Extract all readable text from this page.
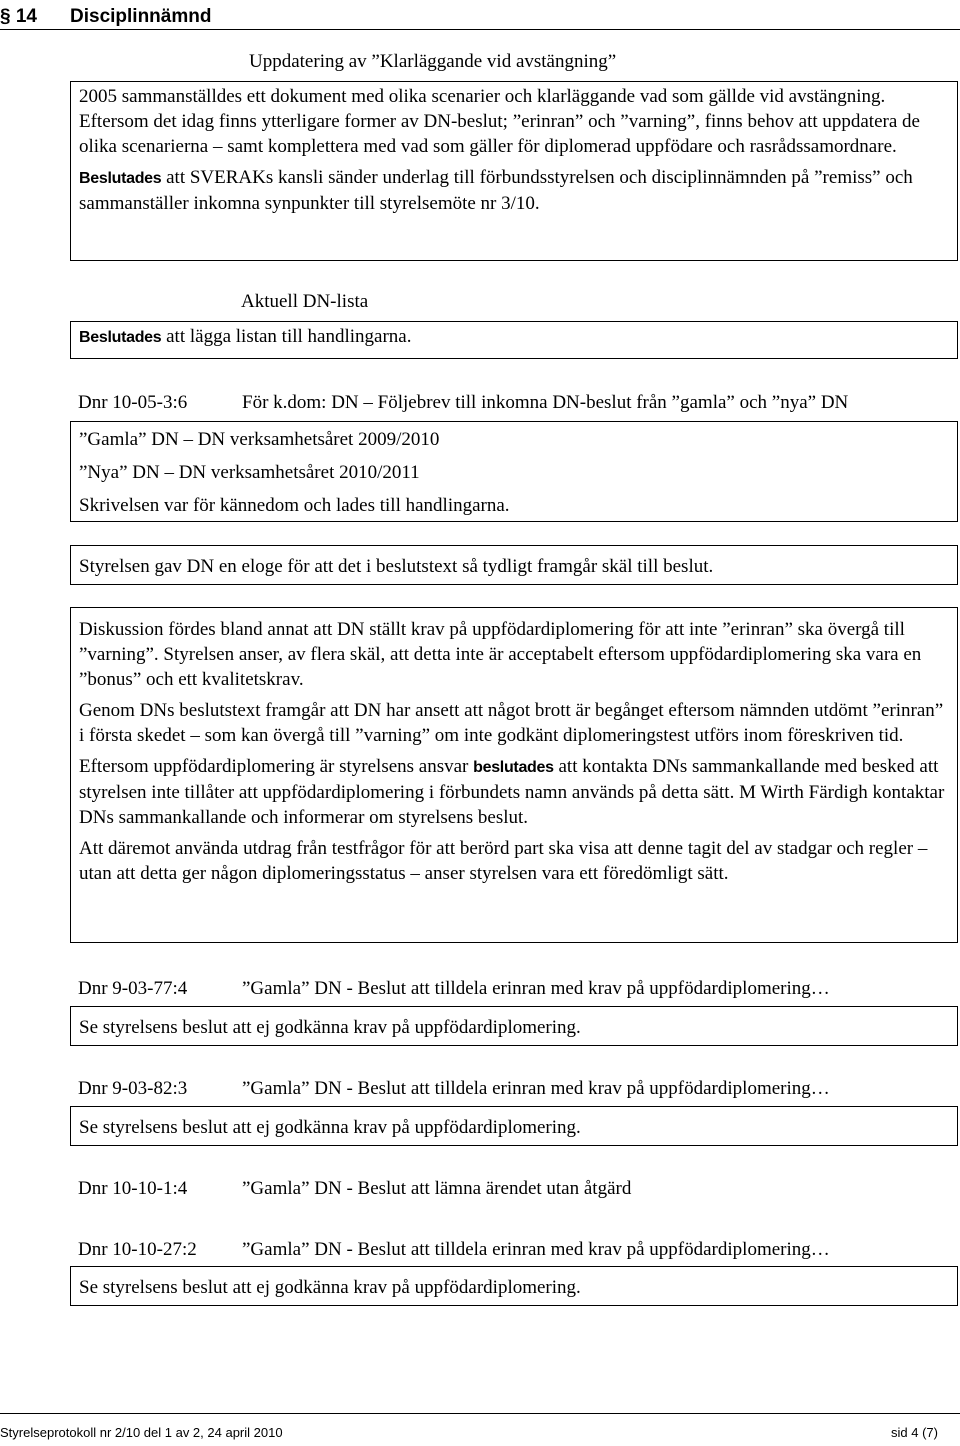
§ 14 Disciplinnämnd
Uppdatering av ”Klarläggande vid avstängning”

2005 sammanställdes ett dokument med olika scenarier och klarläggande vad som gällde vid avstängning. Eftersom det idag finns ytterligare former av DN-beslut; ”erinran” och ”varning”, finns behov att uppdatera de olika scenarierna – samt komplettera med vad som gäller för diplomerad uppfödare och rasrådssamordnare.

Beslutades att SVERAKs kansli sänder underlag till förbundsstyrelsen och disciplinnämnden på ”remiss” och sammanställer inkomna synpunkter till styrelsemöte nr 3/10.

Aktuell DN-lista

Beslutades att lägga listan till handlingarna.

Dnr 10-05-3:6	För k.dom: DN – Följebrev till inkomna DN-beslut från ”gamla” och ”nya” DN

”Gamla” DN – DN verksamhetsåret 2009/2010

”Nya” DN – DN verksamhetsåret 2010/2011

Skrivelsen var för kännedom och lades till handlingarna.

Styrelsen gav DN en eloge för att det i beslutstext så tydligt framgår skäl till beslut.

Diskussion fördes bland annat att DN ställt krav på uppfödardiplomering för att inte ”erinran” ska övergå till ”varning”. Styrelsen anser, av flera skäl, att detta inte är acceptabelt eftersom uppfödardiplomering ska vara en ”bonus” och ett kvalitetskrav.

Genom DNs beslutstext framgår att DN har ansett att något brott är begånget eftersom nämnden utdömt ”erinran” i första skedet – som kan övergå till ”varning” om inte godkänt diplomeringstest utförs inom föreskriven tid.

Eftersom uppfödardiplomering är styrelsens ansvar beslutades att kontakta DNs sammankallande med besked att styrelsen inte tillåter att uppfödardiplomering i förbundets namn används på detta sätt. M Wirth Färdigh kontaktar DNs sammankallande och informerar om styrelsens beslut.

Att däremot använda utdrag från testfrågor för att berörd part ska visa att denne tagit del av stadgar och regler – utan att detta ger någon diplomeringsstatus – anser styrelsen vara ett föredömligt sätt.

Dnr 9-03-77:4	”Gamla” DN - Beslut att tilldela erinran med krav på uppfödardiplomering…

Se styrelsens beslut att ej godkänna krav på uppfödardiplomering.

Dnr 9-03-82:3	”Gamla” DN - Beslut att tilldela erinran med krav på uppfödardiplomering…

Se styrelsens beslut att ej godkänna krav på uppfödardiplomering.

Dnr 10-10-1:4	”Gamla” DN - Beslut att lämna ärendet utan åtgärd
Dnr 10-10-27:2 ”Gamla” DN - Beslut att tilldela erinran med krav på uppfödardiplomering…

Se styrelsens beslut att ej godkänna krav på uppfödardiplomering.

Styrelseprotokoll nr 2/10 del 1 av 2, 24 april 2010	sid 4 (7)
